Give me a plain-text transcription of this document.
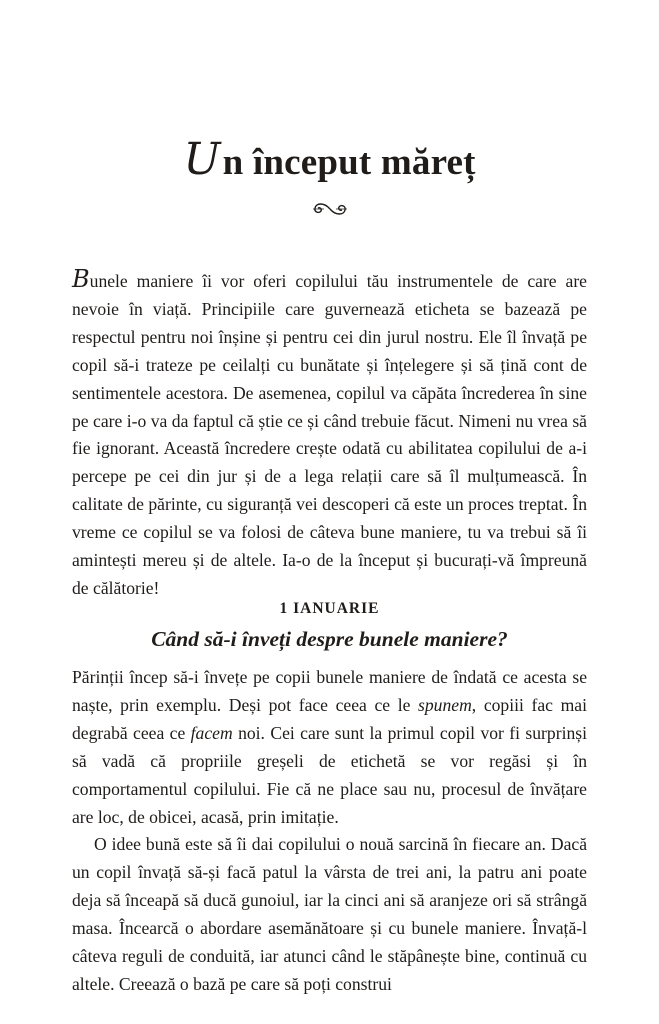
Un început măreț

Bunele maniere îi vor oferi copilului tău instrumentele de care are nevoie în viață. Principiile care guvernează eticheta se bazează pe respectul pentru noi înșine și pentru cei din jurul nostru. Ele îl învață pe copil să-i trateze pe ceilalți cu bunătate și înțelegere și să țină cont de sentimentele acestora. De asemenea, copilul va căpăta încrederea în sine pe care i-o va da faptul că știe ce și când trebuie făcut. Nimeni nu vrea să fie ignorant. Această încredere crește odată cu abilitatea copilului de a-i percepe pe cei din jur și de a lega relații care să îl mulțumească. În calitate de părinte, cu siguranță vei descoperi că este un proces treptat. În vreme ce copilul se va folosi de câteva bune maniere, tu va trebui să îi amintești mereu și de altele. Ia-o de la început și bucurați-vă împreună de călătorie!

1 IANUARIE
Când să-i înveți despre bunele maniere?

Părinții încep să-i învețe pe copii bunele maniere de îndată ce acesta se naște, prin exemplu. Deși pot face ceea ce le spunem, copiii fac mai degrabă ceea ce facem noi. Cei care sunt la primul copil vor fi surprinși să vadă că propriile greșeli de etichetă se vor regăsi și în comportamentul copilului. Fie că ne place sau nu, procesul de învățare are loc, de obicei, acasă, prin imitație.

O idee bună este să îi dai copilului o nouă sarcină în fiecare an. Dacă un copil învață să-și facă patul la vârsta de trei ani, la patru ani poate deja să înceapă să ducă gunoiul, iar la cinci ani să aranjeze ori să strângă masa. Încearcă o abordare asemănătoare și cu bunele maniere. Învață-l câteva reguli de conduită, iar atunci când le stăpânește bine, continuă cu altele. Creează o bază pe care să poți construi
